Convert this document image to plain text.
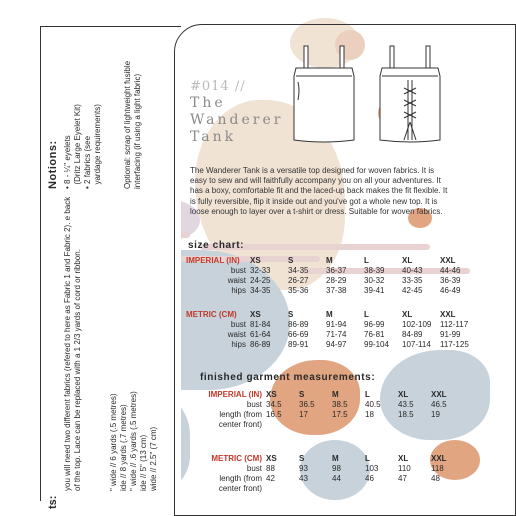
Notions: • 8 - ¼" eyelets (Dritz Large Eyelet Kit)
• 2 fabrics (see yardage requirements)	Optional: scrap of lightweight fusible interfacing (if using a light fabric)
ts:
you will need two different fabrics (refered to here as Fabric 1 and Fabric 2). e back of the top. Lace can be replaced with a 1 2/3 yards of cord or ribbon.	" wide // 6 yards (.5 metres) ide // 8 yards (.7 metres) " wide // .6 yards (.5 metres) ide // 5" (13 cm) wide // 2.5" (7 cm)
#014 //
The
Wanderer
Tank
The Wanderer Tank is a versatile top designed for woven fabrics. It is easy to sew and will faithfully accompany you on all your adventures. It has a boxy, comfortable fit and the laced-up back makes the fit flexible. It is fully reversible, flip it inside out and you've got a whole new top. It is loose enough to layer over a t-shirt or dress. Suitable for woven fabrics.
size chart:
IMPERIAL (IN)	XS	S	M	L	XL	XXL
bust 32-33	34-35	36-37	38-39	40-43	44-46
waist 24-25	26-27	28-29	30-32	33-35	36-39
hips 34-35	35-36	37-38	39-41	42-45	46-49
METRIC (CM)	XS	S	M	L	XL	XXL
bust 81-84	86-89	91-94	96-99	102-109	112-117
waist 61-64	66-69	71-74	76-81	84-89	91-99
hips 86-89	89-91	94-97	99-104	107-114	117-125
finished garment measurements:
IMPERIAL (IN) XS	S	M	L	XL	XXL
bust 34.5	36.5	38.5	40.5	43.5	46.5
length (from 16.5	17	17.5	18	18.5	19
center front)
METRIC (CM) XS	S	M	L	XL	XXL
bust 88	93	98	103	110	118
length (from 42	43	44	46	47	48
center front)
